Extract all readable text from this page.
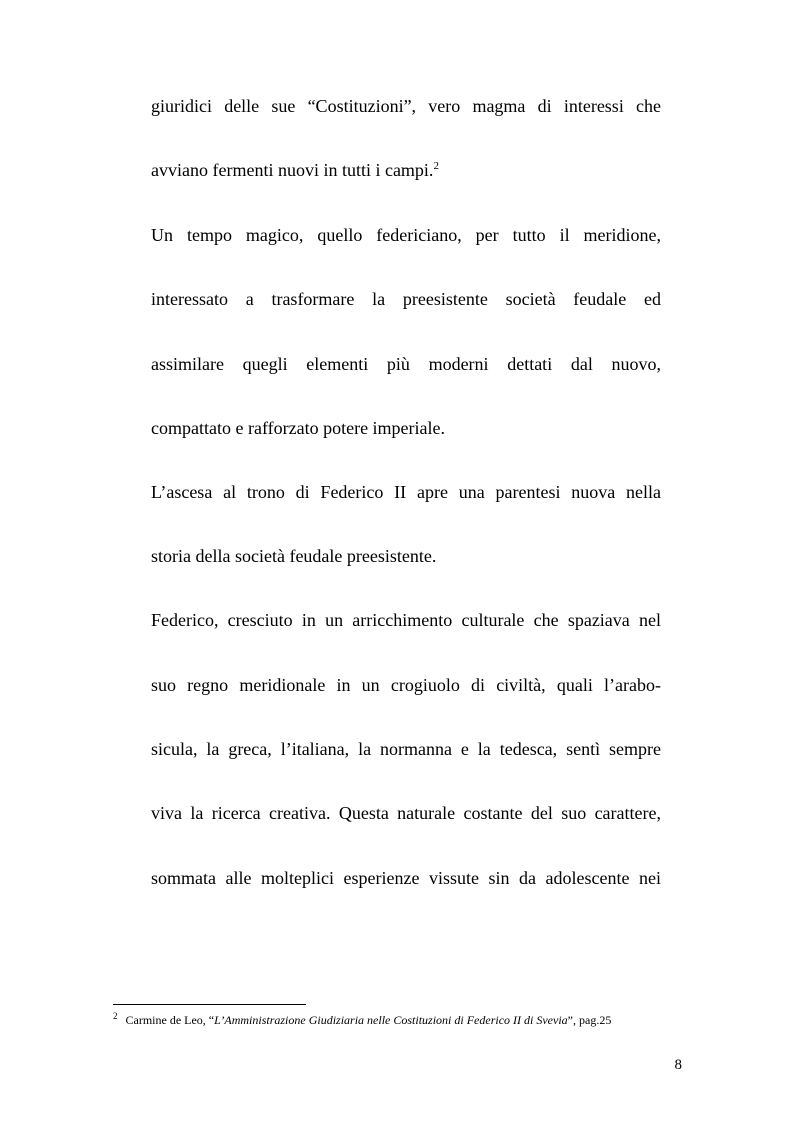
giuridici delle sue “Costituzioni”, vero magma di interessi che
avviano fermenti nuovi in tutti i campi.$^2$
Un tempo magico, quello federiciano, per tutto il meridione,
interessato a trasformare la preesistente società feudale ed
assimilare quegli elementi più moderni dettati dal nuovo,
compattato e rafforzato potere imperiale.
L’ascesa al trono di Federico II apre una parentesi nuova nella
storia della società feudale preesistente.
Federico, cresciuto in un arricchimento culturale che spaziava nel
suo regno meridionale in un crogiuolo di civiltà, quali l’arabo-
sicula, la greca, l’italiana, la normanna e la tedesca, sentì sempre
viva la ricerca creativa. Questa naturale costante del suo carattere,
sommata alle molteplici esperienze vissute sin da adolescente nei
$^2$ Carmine de Leo, “L’Amministrazione Giudiziaria nelle Costituzioni di Federico II di Svevia”, pag.25
8
